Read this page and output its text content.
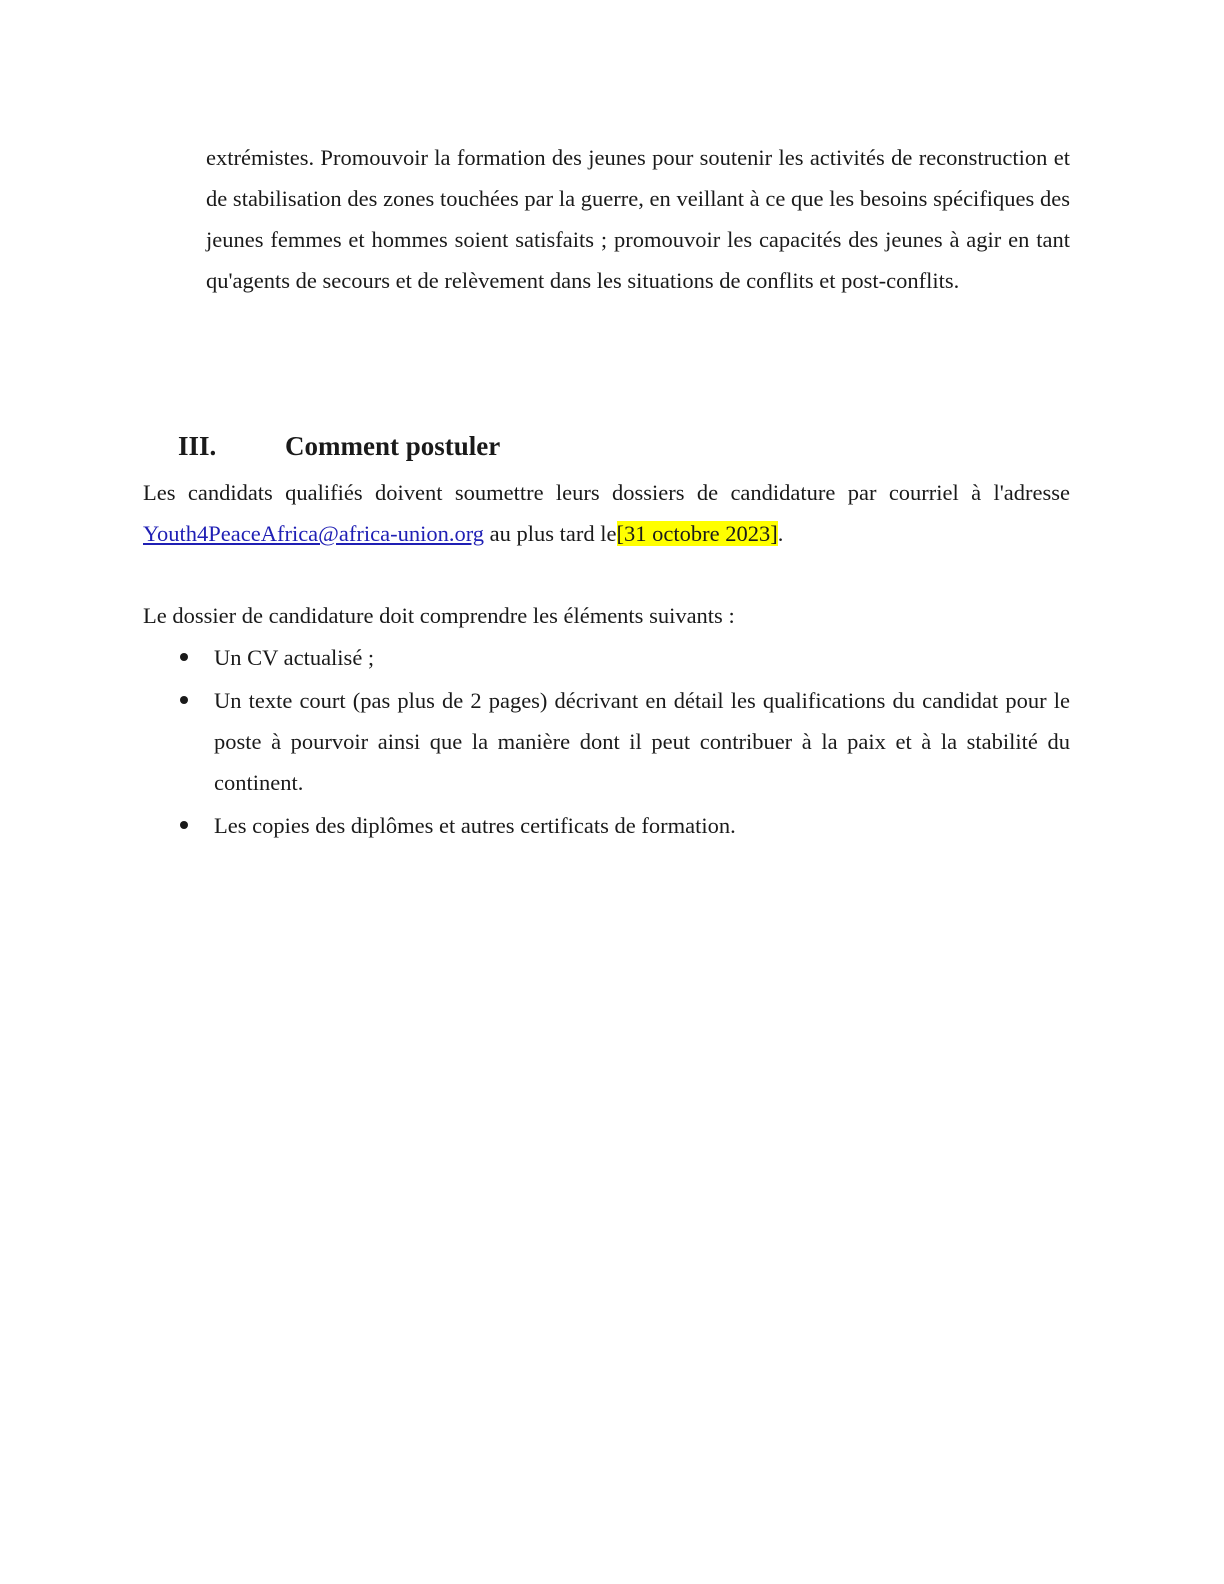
extrémistes. Promouvoir la formation des jeunes pour soutenir les activités de reconstruction et de stabilisation des zones touchées par la guerre, en veillant à ce que les besoins spécifiques des jeunes femmes et hommes soient satisfaits ; promouvoir les capacités des jeunes à agir en tant qu'agents de secours et de relèvement dans les situations de conflits et post-conflits.

III.	Comment postuler

Les candidats qualifiés doivent soumettre leurs dossiers de candidature par courriel à l'adresse Youth4PeaceAfrica@africa-union.org au plus tard le[31 octobre 2023].

Le dossier de candidature doit comprendre les éléments suivants :

Un CV actualisé ;
Un texte court (pas plus de 2 pages) décrivant en détail les qualifications du candidat pour le poste à pourvoir ainsi que la manière dont il peut contribuer à la paix et à la stabilité du continent.
Les copies des diplômes et autres certificats de formation.
